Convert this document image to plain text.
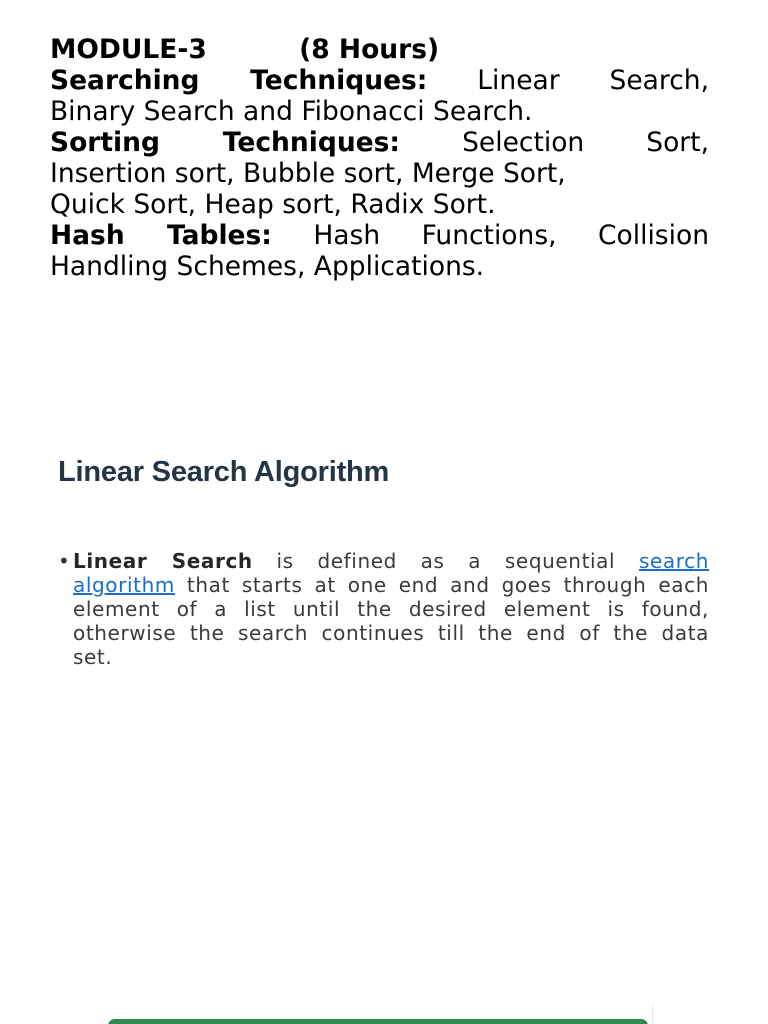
MODULE-3	(8 Hours)
Searching Techniques: Linear Search,
Binary Search and Fibonacci Search.
Sorting Techniques: Selection Sort,
Insertion sort, Bubble sort, Merge Sort,
Quick Sort, Heap sort, Radix Sort.
Hash Tables: Hash Functions, Collision
Handling Schemes, Applications.
Linear Search Algorithm
• Linear Search is defined as a sequential search
algorithm that starts at one end and goes through each
element of a list until the desired element is found,
otherwise the search continues till the end of the data
set.
